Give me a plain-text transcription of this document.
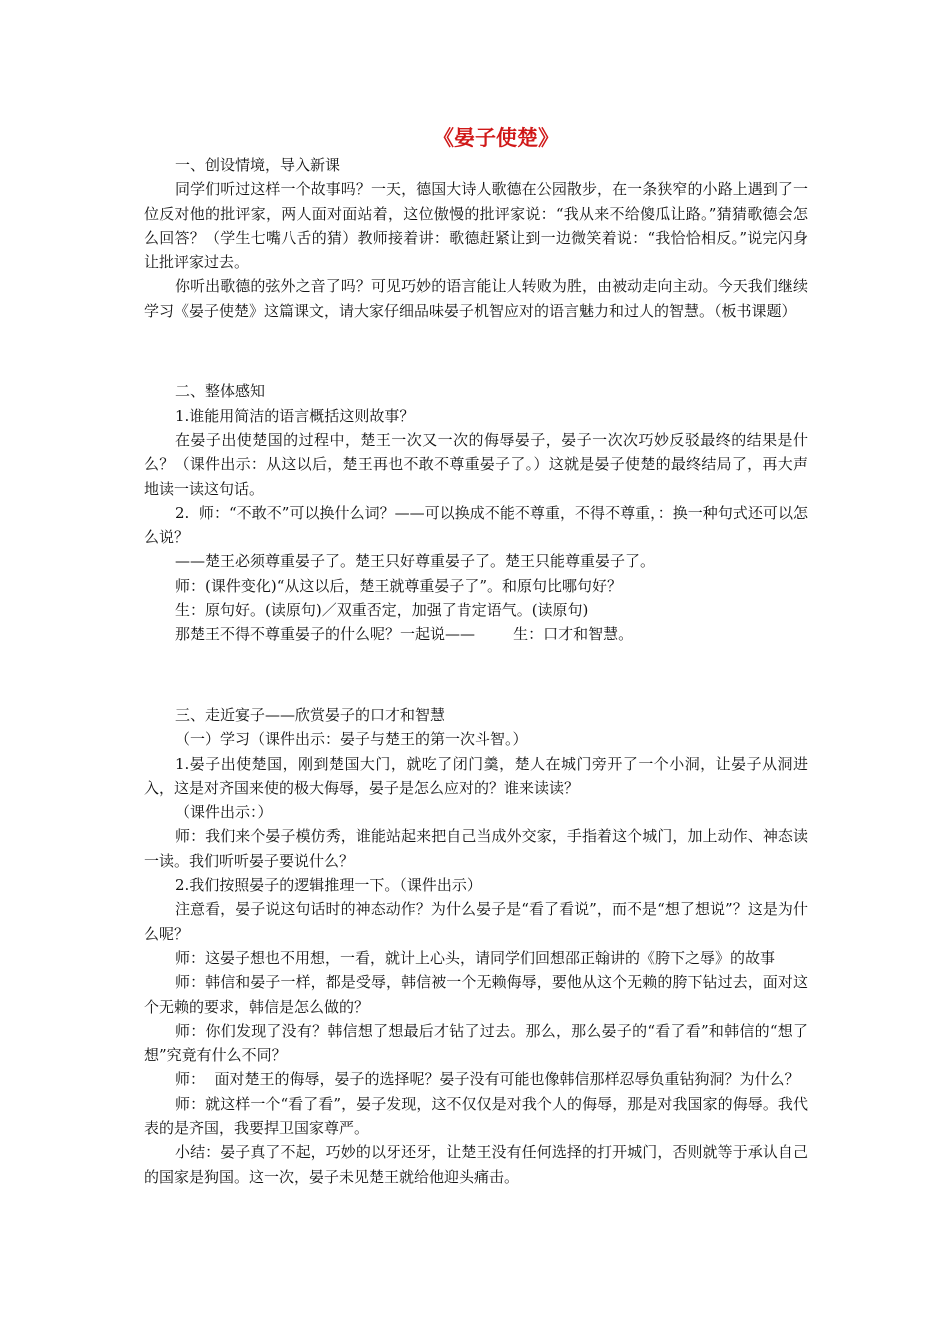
《晏子使楚》

一、创设情境，导入新课

同学们听过这样一个故事吗？一天，德国大诗人歌德在公园散步，在一条狭窄的小路上遇到了一位反对他的批评家，两人面对面站着，这位傲慢的批评家说：“我从来不给傻瓜让路。”猜猜歌德会怎么回答？（学生七嘴八舌的猜）教师接着讲：歌德赶紧让到一边微笑着说：“我恰恰相反。”说完闪身让批评家过去。

你听出歌德的弦外之音了吗？可见巧妙的语言能让人转败为胜，由被动走向主动。今天我们继续学习《晏子使楚》这篇课文，请大家仔细品味晏子机智应对的语言魅力和过人的智慧。（板书课题）

二、整体感知

1.谁能用简洁的语言概括这则故事？

在晏子出使楚国的过程中，楚王一次又一次的侮辱晏子，晏子一次次巧妙反驳最终的结果是什么？（课件出示：从这以后，楚王再也不敢不尊重晏子了。）这就是晏子使楚的最终结局了，再大声地读一读这句话。

2.  师：“不敢不”可以换什么词？——可以换成不能不尊重，不得不尊重，：换一种句式还可以怎么说？

——楚王必须尊重晏子了。楚王只好尊重晏子了。楚王只能尊重晏子了。

师：(课件变化)“从这以后，楚王就尊重晏子了”。和原句比哪句好？

生：原句好。(读原句)／双重否定，加强了肯定语气。(读原句)

那楚王不得不尊重晏子的什么呢？一起说——        生：口才和智慧。

三、走近宴子——欣赏晏子的口才和智慧

（一）学习（课件出示：晏子与楚王的第一次斗智。）

1.晏子出使楚国，刚到楚国大门，就吃了闭门羹，楚人在城门旁开了一个小洞，让晏子从洞进入，这是对齐国来使的极大侮辱，晏子是怎么应对的？谁来读读？

（课件出示：）

师：我们来个晏子模仿秀，谁能站起来把自己当成外交家，手指着这个城门，加上动作、神态读一读。我们听听晏子要说什么？

2.我们按照晏子的逻辑推理一下。（课件出示）

注意看，晏子说这句话时的神态动作？为什么晏子是“看了看说”，而不是“想了想说”？这是为什么呢？

师：这晏子想也不用想，一看，就计上心头，请同学们回想邵正翰讲的《胯下之辱》的故事

师：韩信和晏子一样，都是受辱，韩信被一个无赖侮辱，要他从这个无赖的胯下钻过去，面对这个无赖的要求，韩信是怎么做的？

师：你们发现了没有？韩信想了想最后才钻了过去。那么，那么晏子的“看了看”和韩信的“想了想”究竟有什么不同？

师：  面对楚王的侮辱，晏子的选择呢？晏子没有可能也像韩信那样忍辱负重钻狗洞？为什么？

师：就这样一个“看了看”，晏子发现，这不仅仅是对我个人的侮辱，那是对我国家的侮辱。我代表的是齐国，我要捍卫国家尊严。

小结：晏子真了不起，巧妙的以牙还牙，让楚王没有任何选择的打开城门，否则就等于承认自己的国家是狗国。这一次，晏子未见楚王就给他迎头痛击。
